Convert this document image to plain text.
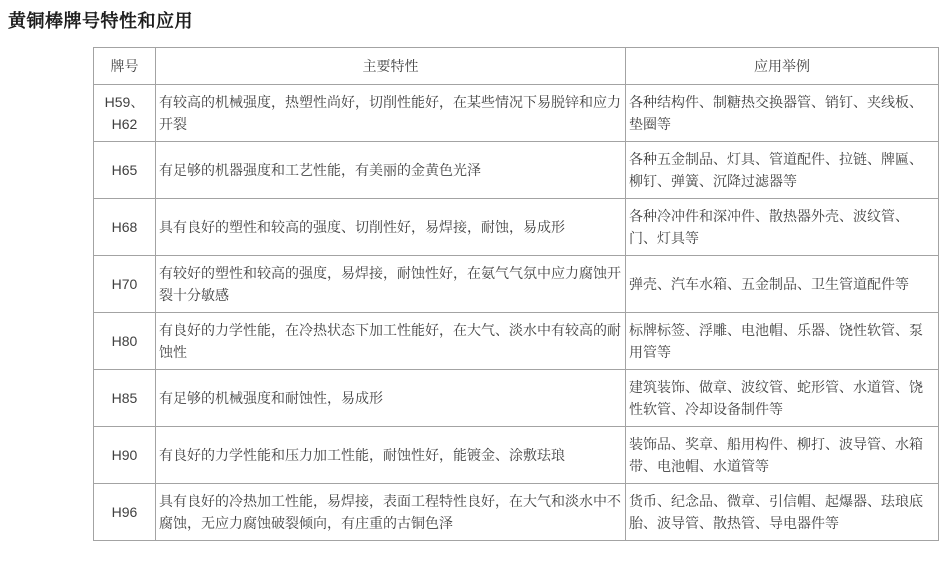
黄铜棒牌号特性和应用
牌号	主要特性	应用举例
H59、H62	有较高的机械强度，热塑性尚好，切削性能好，在某些情况下易脱锌和应力开裂	各种结构件、制糖热交换器管、销钉、夹线板、垫圈等
H65	有足够的机器强度和工艺性能，有美丽的金黄色光泽	各种五金制品、灯具、管道配件、拉链、牌匾、柳钉、弹簧、沉降过滤器等
H68	具有良好的塑性和较高的强度、切削性好，易焊接，耐蚀，易成形	各种冷冲件和深冲件、散热器外壳、波纹管、门、灯具等
H70	有较好的塑性和较高的强度，易焊接，耐蚀性好，在氨气气氛中应力腐蚀开裂十分敏感	弹壳、汽车水箱、五金制品、卫生管道配件等
H80	有良好的力学性能，在冷热状态下加工性能好，在大气、淡水中有较高的耐蚀性	标牌标签、浮雕、电池帽、乐器、饶性软管、泵用管等
H85	有足够的机械强度和耐蚀性，易成形	建筑装饰、做章、波纹管、蛇形管、水道管、饶性软管、冷却设备制件等
H90	有良好的力学性能和压力加工性能，耐蚀性好，能镀金、涂敷珐琅	装饰品、奖章、船用构件、柳打、波导管、水箱带、电池帽、水道管等
H96	具有良好的冷热加工性能，易焊接，表面工程特性良好，在大气和淡水中不腐蚀，无应力腐蚀破裂倾向，有庄重的古铜色泽	货币、纪念品、微章、引信帽、起爆器、珐琅底胎、波导管、散热管、导电器件等
